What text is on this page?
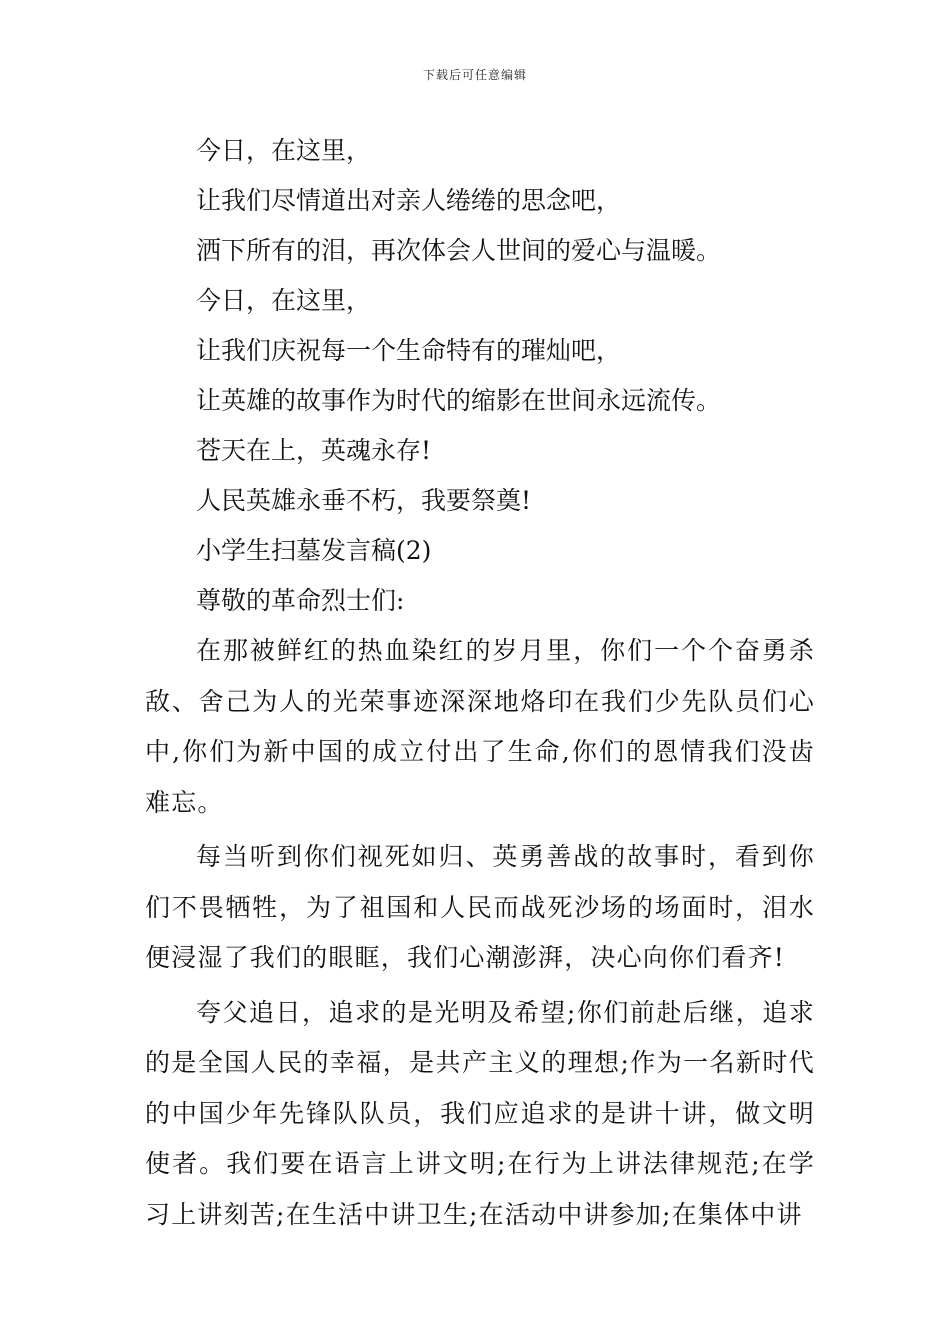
下载后可任意编辑
今日，在这里，
让我们尽情道出对亲人绻绻的思念吧，
洒下所有的泪，再次体会人世间的爱心与温暖。
今日，在这里，
让我们庆祝每一个生命特有的璀灿吧，
让英雄的故事作为时代的缩影在世间永远流传。
苍天在上，英魂永存!
人民英雄永垂不朽，我要祭奠!
小学生扫墓发言稿(2)
尊敬的革命烈士们:

在那被鲜红的热血染红的岁月里，你们一个个奋勇杀敌、舍己为人的光荣事迹深深地烙印在我们少先队员们心中,你们为新中国的成立付出了生命,你们的恩情我们没齿难忘。

每当听到你们视死如归、英勇善战的故事时，看到你们不畏牺牲，为了祖国和人民而战死沙场的场面时，泪水便浸湿了我们的眼眶，我们心潮澎湃，决心向你们看齐!

夸父追日，追求的是光明及希望;你们前赴后继，追求的是全国人民的幸福，是共产主义的理想;作为一名新时代的中国少年先锋队队员，我们应追求的是讲十讲，做文明使者。我们要在语言上讲文明;在行为上讲法律规范;在学习上讲刻苦;在生活中讲卫生;在活动中讲参加;在集体中讲
